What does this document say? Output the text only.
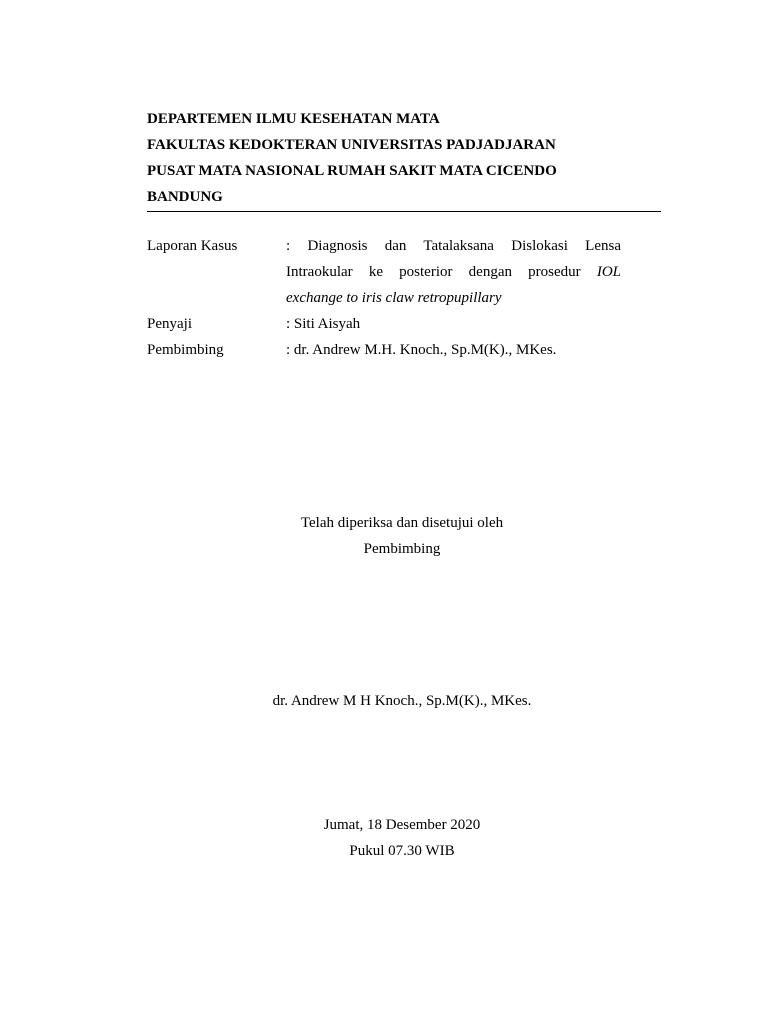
DEPARTEMEN ILMU KESEHATAN MATA
FAKULTAS KEDOKTERAN UNIVERSITAS PADJADJARAN
PUSAT MATA NASIONAL RUMAH SAKIT MATA CICENDO
BANDUNG
Laporan Kasus	: Diagnosis dan Tatalaksana Dislokasi Lensa
Intraokular ke posterior dengan prosedur IOL
exchange to iris claw retropupillary
Penyaji	: Siti Aisyah
Pembimbing	: dr. Andrew M.H. Knoch., Sp.M(K)., MKes.
Telah diperiksa dan disetujui oleh
Pembimbing
dr. Andrew M H Knoch., Sp.M(K)., MKes.
Jumat, 18 Desember 2020
Pukul 07.30 WIB
